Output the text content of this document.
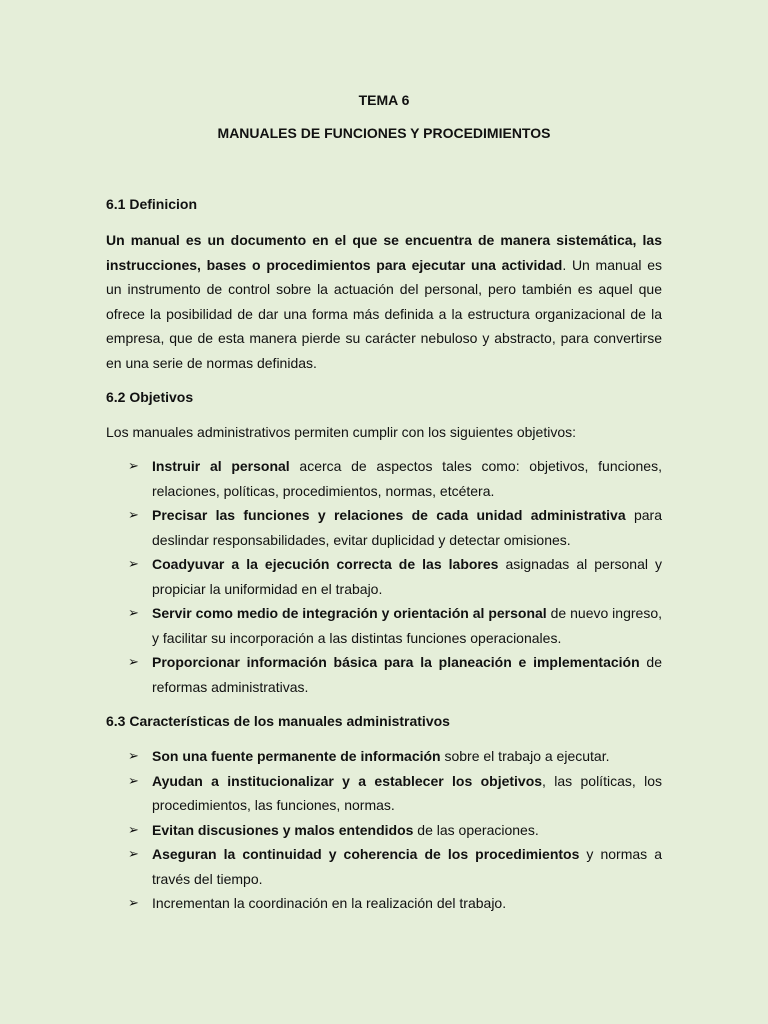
TEMA 6
MANUALES DE FUNCIONES Y PROCEDIMIENTOS
6.1 Definicion
Un manual es un documento en el que se encuentra de manera sistemática, las instrucciones, bases o procedimientos para ejecutar una actividad. Un manual es un instrumento de control sobre la actuación del personal, pero también es aquel que ofrece la posibilidad de dar una forma más definida a la estructura organizacional de la empresa, que de esta manera pierde su carácter nebuloso y abstracto, para convertirse en una serie de normas definidas.
6.2 Objetivos
Los manuales administrativos permiten cumplir con los siguientes objetivos:
➢ Instruir al personal acerca de aspectos tales como: objetivos, funciones, relaciones, políticas, procedimientos, normas, etcétera.
➢ Precisar las funciones y relaciones de cada unidad administrativa para deslindar responsabilidades, evitar duplicidad y detectar omisiones.
➢ Coadyuvar a la ejecución correcta de las labores asignadas al personal y propiciar la uniformidad en el trabajo.
➢ Servir como medio de integración y orientación al personal de nuevo ingreso, y facilitar su incorporación a las distintas funciones operacionales.
➢ Proporcionar información básica para la planeación e implementación de reformas administrativas.
6.3 Características de los manuales administrativos
➢ Son una fuente permanente de información sobre el trabajo a ejecutar.
➢ Ayudan a institucionalizar y a establecer los objetivos, las políticas, los procedimientos, las funciones, normas.
➢ Evitan discusiones y malos entendidos de las operaciones.
➢ Aseguran la continuidad y coherencia de los procedimientos y normas a través del tiempo.
➢ Incrementan la coordinación en la realización del trabajo.
